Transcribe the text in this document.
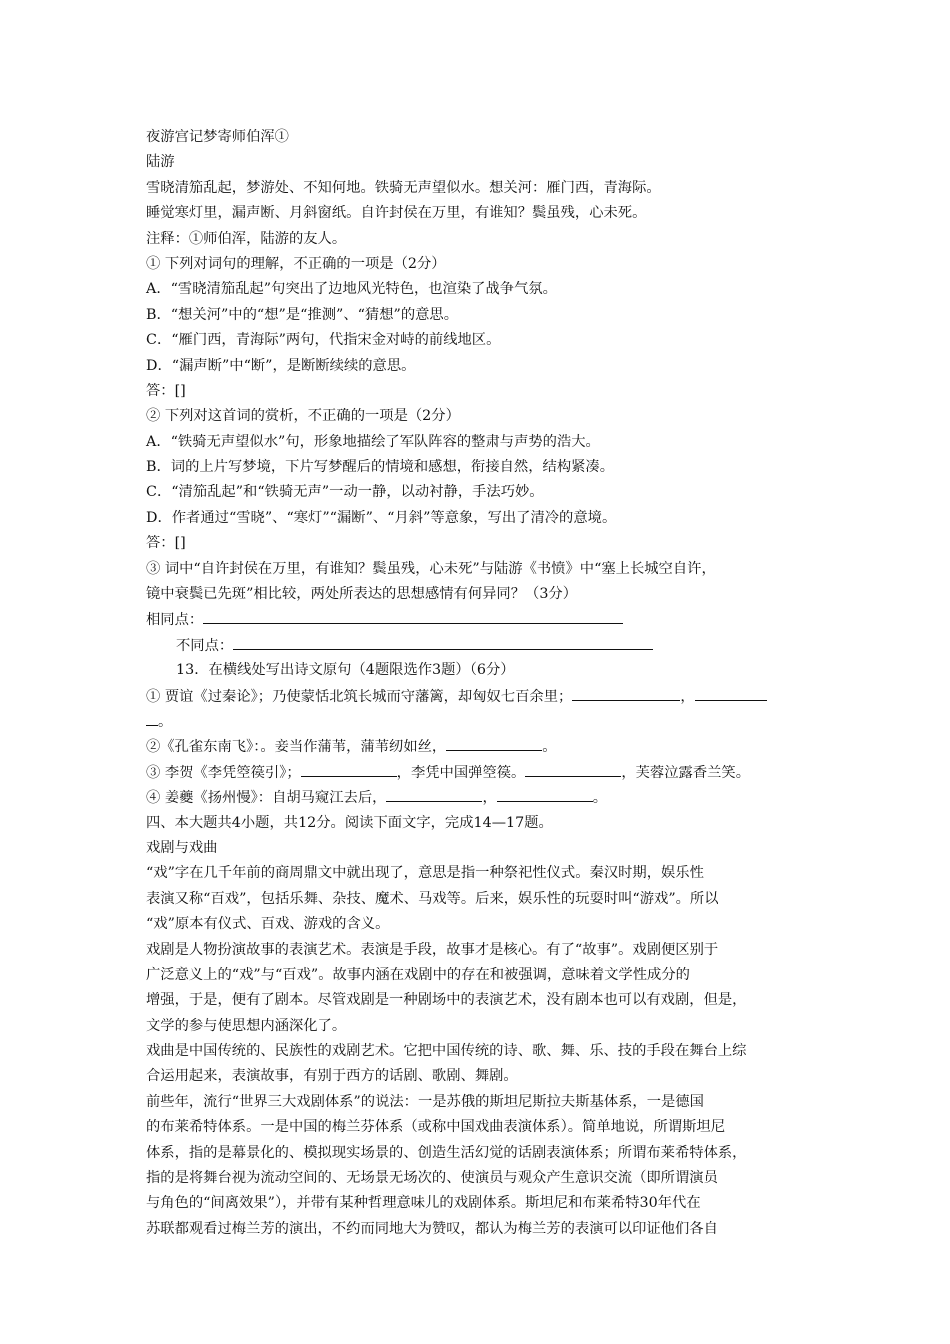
夜游宫记梦寄师伯浑①
陆游
雪晓清笳乱起，梦游处、不知何地。铁骑无声望似水。想关河：雁门西，青海际。
睡觉寒灯里，漏声断、月斜窗纸。自许封侯在万里，有谁知？鬓虽残，心未死。
注释：①师伯浑，陆游的友人。
① 下列对词句的理解，不正确的一项是（2分）
A．“雪晓清笳乱起”句突出了边地风光特色，也渲染了战争气氛。
B．“想关河”中的“想”是“推测”、“猜想”的意思。
C．“雁门西，青海际”两句，代指宋金对峙的前线地区。
D．“漏声断”中“断”，是断断续续的意思。
答：[]
② 下列对这首词的赏析，不正确的一项是（2分）
A．“铁骑无声望似水”句，形象地描绘了军队阵容的整肃与声势的浩大。
B．词的上片写梦境，下片写梦醒后的情境和感想，衔接自然，结构紧凑。
C．“清笳乱起”和“铁骑无声”一动一静，以动衬静，手法巧妙。
D．作者通过“雪晓”、“寒灯”“漏断”、“月斜”等意象，写出了清冷的意境。
答：[]
③ 词中“自许封侯在万里，有谁知？鬓虽残，心未死”与陆游《书愤》中“塞上长城空自许，
镜中衰鬓已先斑”相比较，两处所表达的思想感情有何异同？（3分）
相同点：
不同点：
13．在横线处写出诗文原句（4题限选作3题）（6分）
① 贾谊《过秦论》；乃使蒙恬北筑长城而守藩篱，却匈奴七百余里；	，
。
②《孔雀东南飞》：。妾当作蒲苇，蒲苇纫如丝，	。
③ 李贺《李凭箜篌引》；	，李凭中国弹箜篌。	，芙蓉泣露香兰笑。
④ 姜夔《扬州慢》：自胡马窥江去后，	，	。
四、本大题共4小题，共12分。阅读下面文字，完成14—17题。
戏剧与戏曲
“戏”字在几千年前的商周鼎文中就出现了，意思是指一种祭祀性仪式。秦汉时期，娱乐性
表演又称“百戏”，包括乐舞、杂技、魔术、马戏等。后来，娱乐性的玩耍时叫“游戏”。所以
“戏”原本有仪式、百戏、游戏的含义。
戏剧是人物扮演故事的表演艺术。表演是手段，故事才是核心。有了“故事”。戏剧便区别于
广泛意义上的“戏”与“百戏”。故事内涵在戏剧中的存在和被强调，意味着文学性成分的
增强，于是，便有了剧本。尽管戏剧是一种剧场中的表演艺术，没有剧本也可以有戏剧，但是，
文学的参与使思想内涵深化了。
戏曲是中国传统的、民族性的戏剧艺术。它把中国传统的诗、歌、舞、乐、技的手段在舞台上综
合运用起来，表演故事，有别于西方的话剧、歌剧、舞剧。
前些年，流行“世界三大戏剧体系”的说法：一是苏俄的斯坦尼斯拉夫斯基体系，一是德国
的布莱希特体系。一是中国的梅兰芬体系（或称中国戏曲表演体系）。简单地说，所谓斯坦尼
体系，指的是幕景化的、模拟现实场景的、创造生活幻觉的话剧表演体系；所谓布莱希特体系，
指的是将舞台视为流动空间的、无场景无场次的、使演员与观众产生意识交流（即所谓演员
与角色的“间离效果”），并带有某种哲理意味儿的戏剧体系。斯坦尼和布莱希特30年代在
苏联都观看过梅兰芳的演出，不约而同地大为赞叹，都认为梅兰芳的表演可以印证他们各自
